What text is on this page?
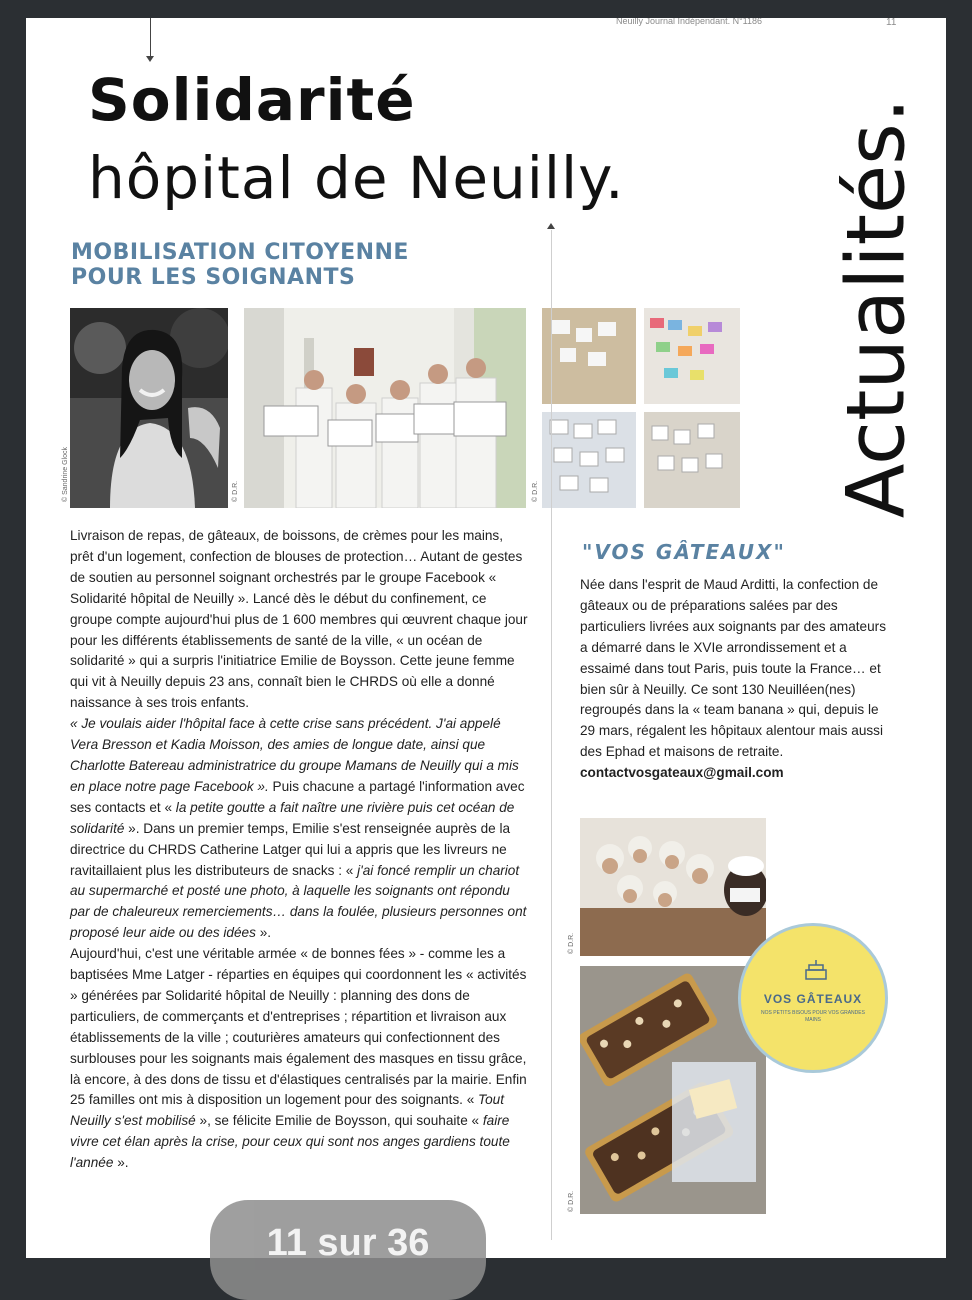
Neuilly Journal Indépendant. N°1186	11
Solidarité
hôpital de Neuilly.	Actualités.
MOBILISATION CITOYENNE
POUR LES SOIGNANTS
© Sandrine Glock	© D.R.	© D.R.

Livraison de repas, de gâteaux, de boissons, de crèmes pour les mains, prêt d'un logement, confection de blouses de protection… Autant de gestes de soutien au personnel soignant orchestrés par le groupe Facebook « Solidarité hôpital de Neuilly ». Lancé dès le début du confinement, ce groupe compte aujourd'hui plus de 1 600 membres qui œuvrent chaque jour pour les différents établissements de santé de la ville, « un océan de solidarité » qui a surpris l'initiatrice Emilie de Boysson. Cette jeune femme qui vit à Neuilly depuis 23 ans, connaît bien le CHRDS où elle a donné naissance à ses trois enfants.

« Je voulais aider l'hôpital face à cette crise sans précédent. J'ai appelé Vera Bresson et Kadia Moisson, des amies de longue date, ainsi que Charlotte Batereau administratrice du groupe Mamans de Neuilly qui a mis en place notre page Facebook ». Puis chacune a partagé l'information avec ses contacts et « la petite goutte a fait naître une rivière puis cet océan de solidarité ». Dans un premier temps, Emilie s'est renseignée auprès de la directrice du CHRDS Catherine Latger qui lui a appris que les livreurs ne ravitaillaient plus les distributeurs de snacks : « j'ai foncé remplir un chariot au supermarché et posté une photo, à laquelle les soignants ont répondu par de chaleureux remerciements… dans la foulée, plusieurs personnes ont proposé leur aide ou des idées ».

Aujourd'hui, c'est une véritable armée « de bonnes fées » - comme les a baptisées Mme Latger - réparties en équipes qui coordonnent les « activités » générées par Solidarité hôpital de Neuilly : planning des dons de particuliers, de commerçants et d'entreprises ; répartition et livraison aux établissements de la ville ; couturières amateurs qui confectionnent des surblouses pour les soignants mais également des masques en tissu grâce, là encore, à des dons de tissu et d'élastiques centralisés par la mairie. Enfin 25 familles ont mis à disposition un logement pour des soignants. « Tout Neuilly s'est mobilisé », se félicite Emilie de Boysson, qui souhaite « faire vivre cet élan après la crise, pour ceux qui sont nos anges gardiens toute l'année ».

"VOS GÂTEAUX"

Née dans l'esprit de Maud Arditti, la confection de gâteaux ou de préparations salées par des particuliers livrées aux soignants par des amateurs a démarré dans le XVIe arrondissement et a essaimé dans tout Paris, puis toute la France… et bien sûr à Neuilly. Ce sont 130 Neuilléen(nes) regroupés dans la « team banana » qui, depuis le 29 mars, régalent les hôpitaux alentour mais aussi des Ephad et maisons de retraite.

contactvosgateaux@gmail.com

© D.R.
© D.R.
VOS GÂTEAUX
NOS PETITS BISOUS POUR VOS GRANDES MAINS
11 sur 36
